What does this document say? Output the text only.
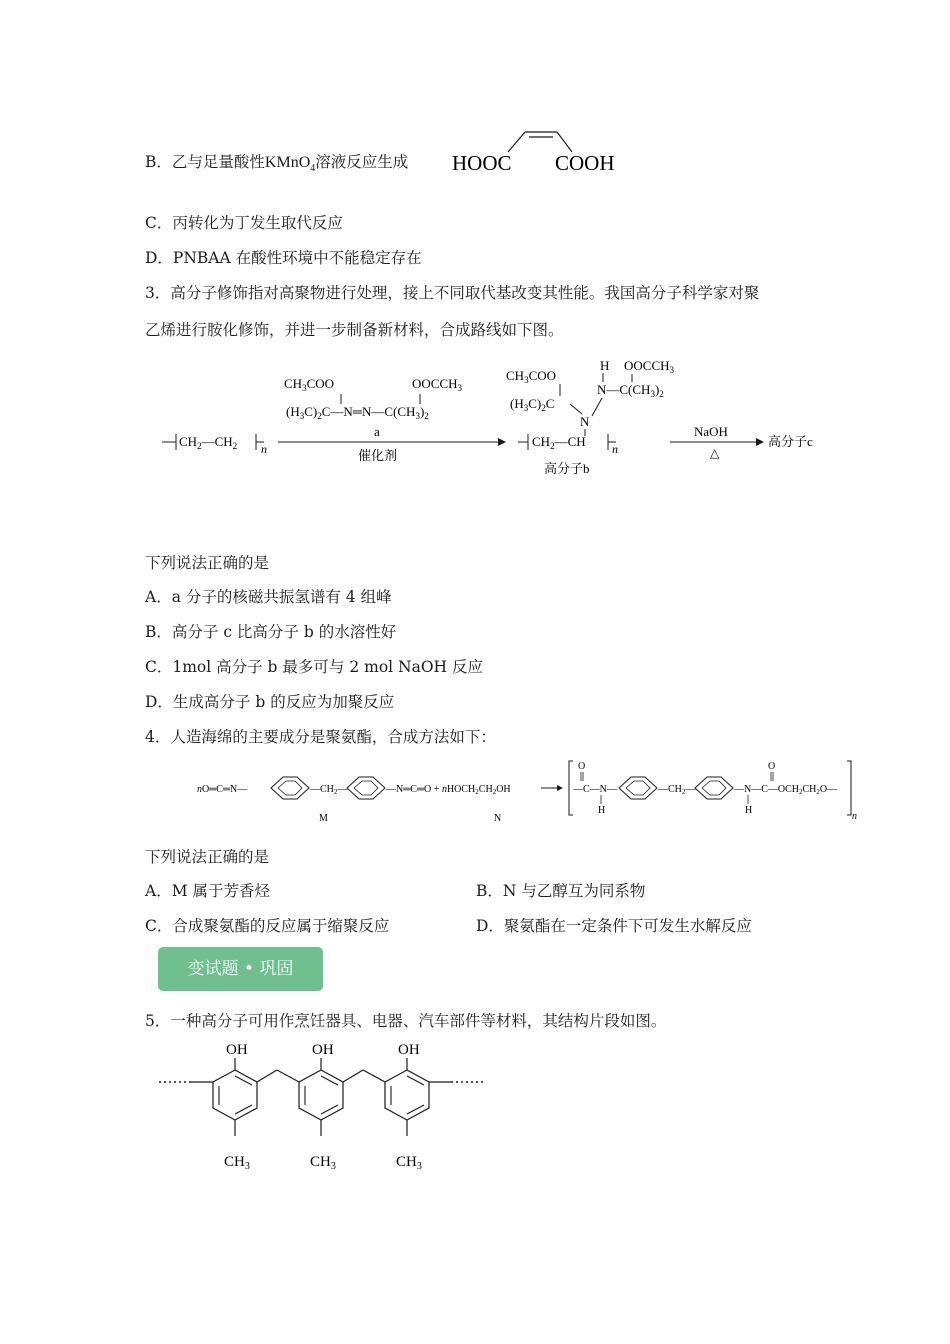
B．乙与足量酸性KMnO$_4$溶液反应生成 HOOC COOH
C．丙转化为丁发生取代反应
D．PNBAA 在酸性环境中不能稳定存在
3．高分子修饰指对高聚物进行处理，接上不同取代基改变其性能。我国高分子科学家对聚
乙烯进行胺化修饰，并进一步制备新材料，合成路线如下图。
$CH_2—CH_2$ n
$CH_3COO$	$OOCCH_3$
$(H_3C)_2C—N═N—C(CH_3)_2$
a
催化剂
H $OOCCH_3$
$CH_3COO$
$N—C(CH_3)_2$
$(H_3C)_2C$
N
$CH_2—CH$ n
高分子b
NaOH
△
高分子c
下列说法正确的是
A．a 分子的核磁共振氢谱有 4 组峰
B．高分子 c 比高分子 b 的水溶性好
C．1mol 高分子 b 最多可与 2 mol NaOH 反应
D．生成高分子 b 的反应为加聚反应
4．人造海绵的主要成分是聚氨酯，合成方法如下：
nO═C═N—	$—CH_2—$	—N═C═O + $nHOCH_2CH_2OH$
M	N
—C—N—
O
H
$—CH_2—$	$—N—C—OCH_2CH_2O—$
O
H
n
下列说法正确的是
A．M 属于芳香烃	B．N 与乙醇互为同系物
C．合成聚氨酯的反应属于缩聚反应	D．聚氨酯在一定条件下可发生水解反应
变试题 • 巩固
5．一种高分子可用作烹饪器具、电器、汽车部件等材料，其结构片段如图。
OH
$CH_3$
OH
$CH_3$
OH
$CH_3$
